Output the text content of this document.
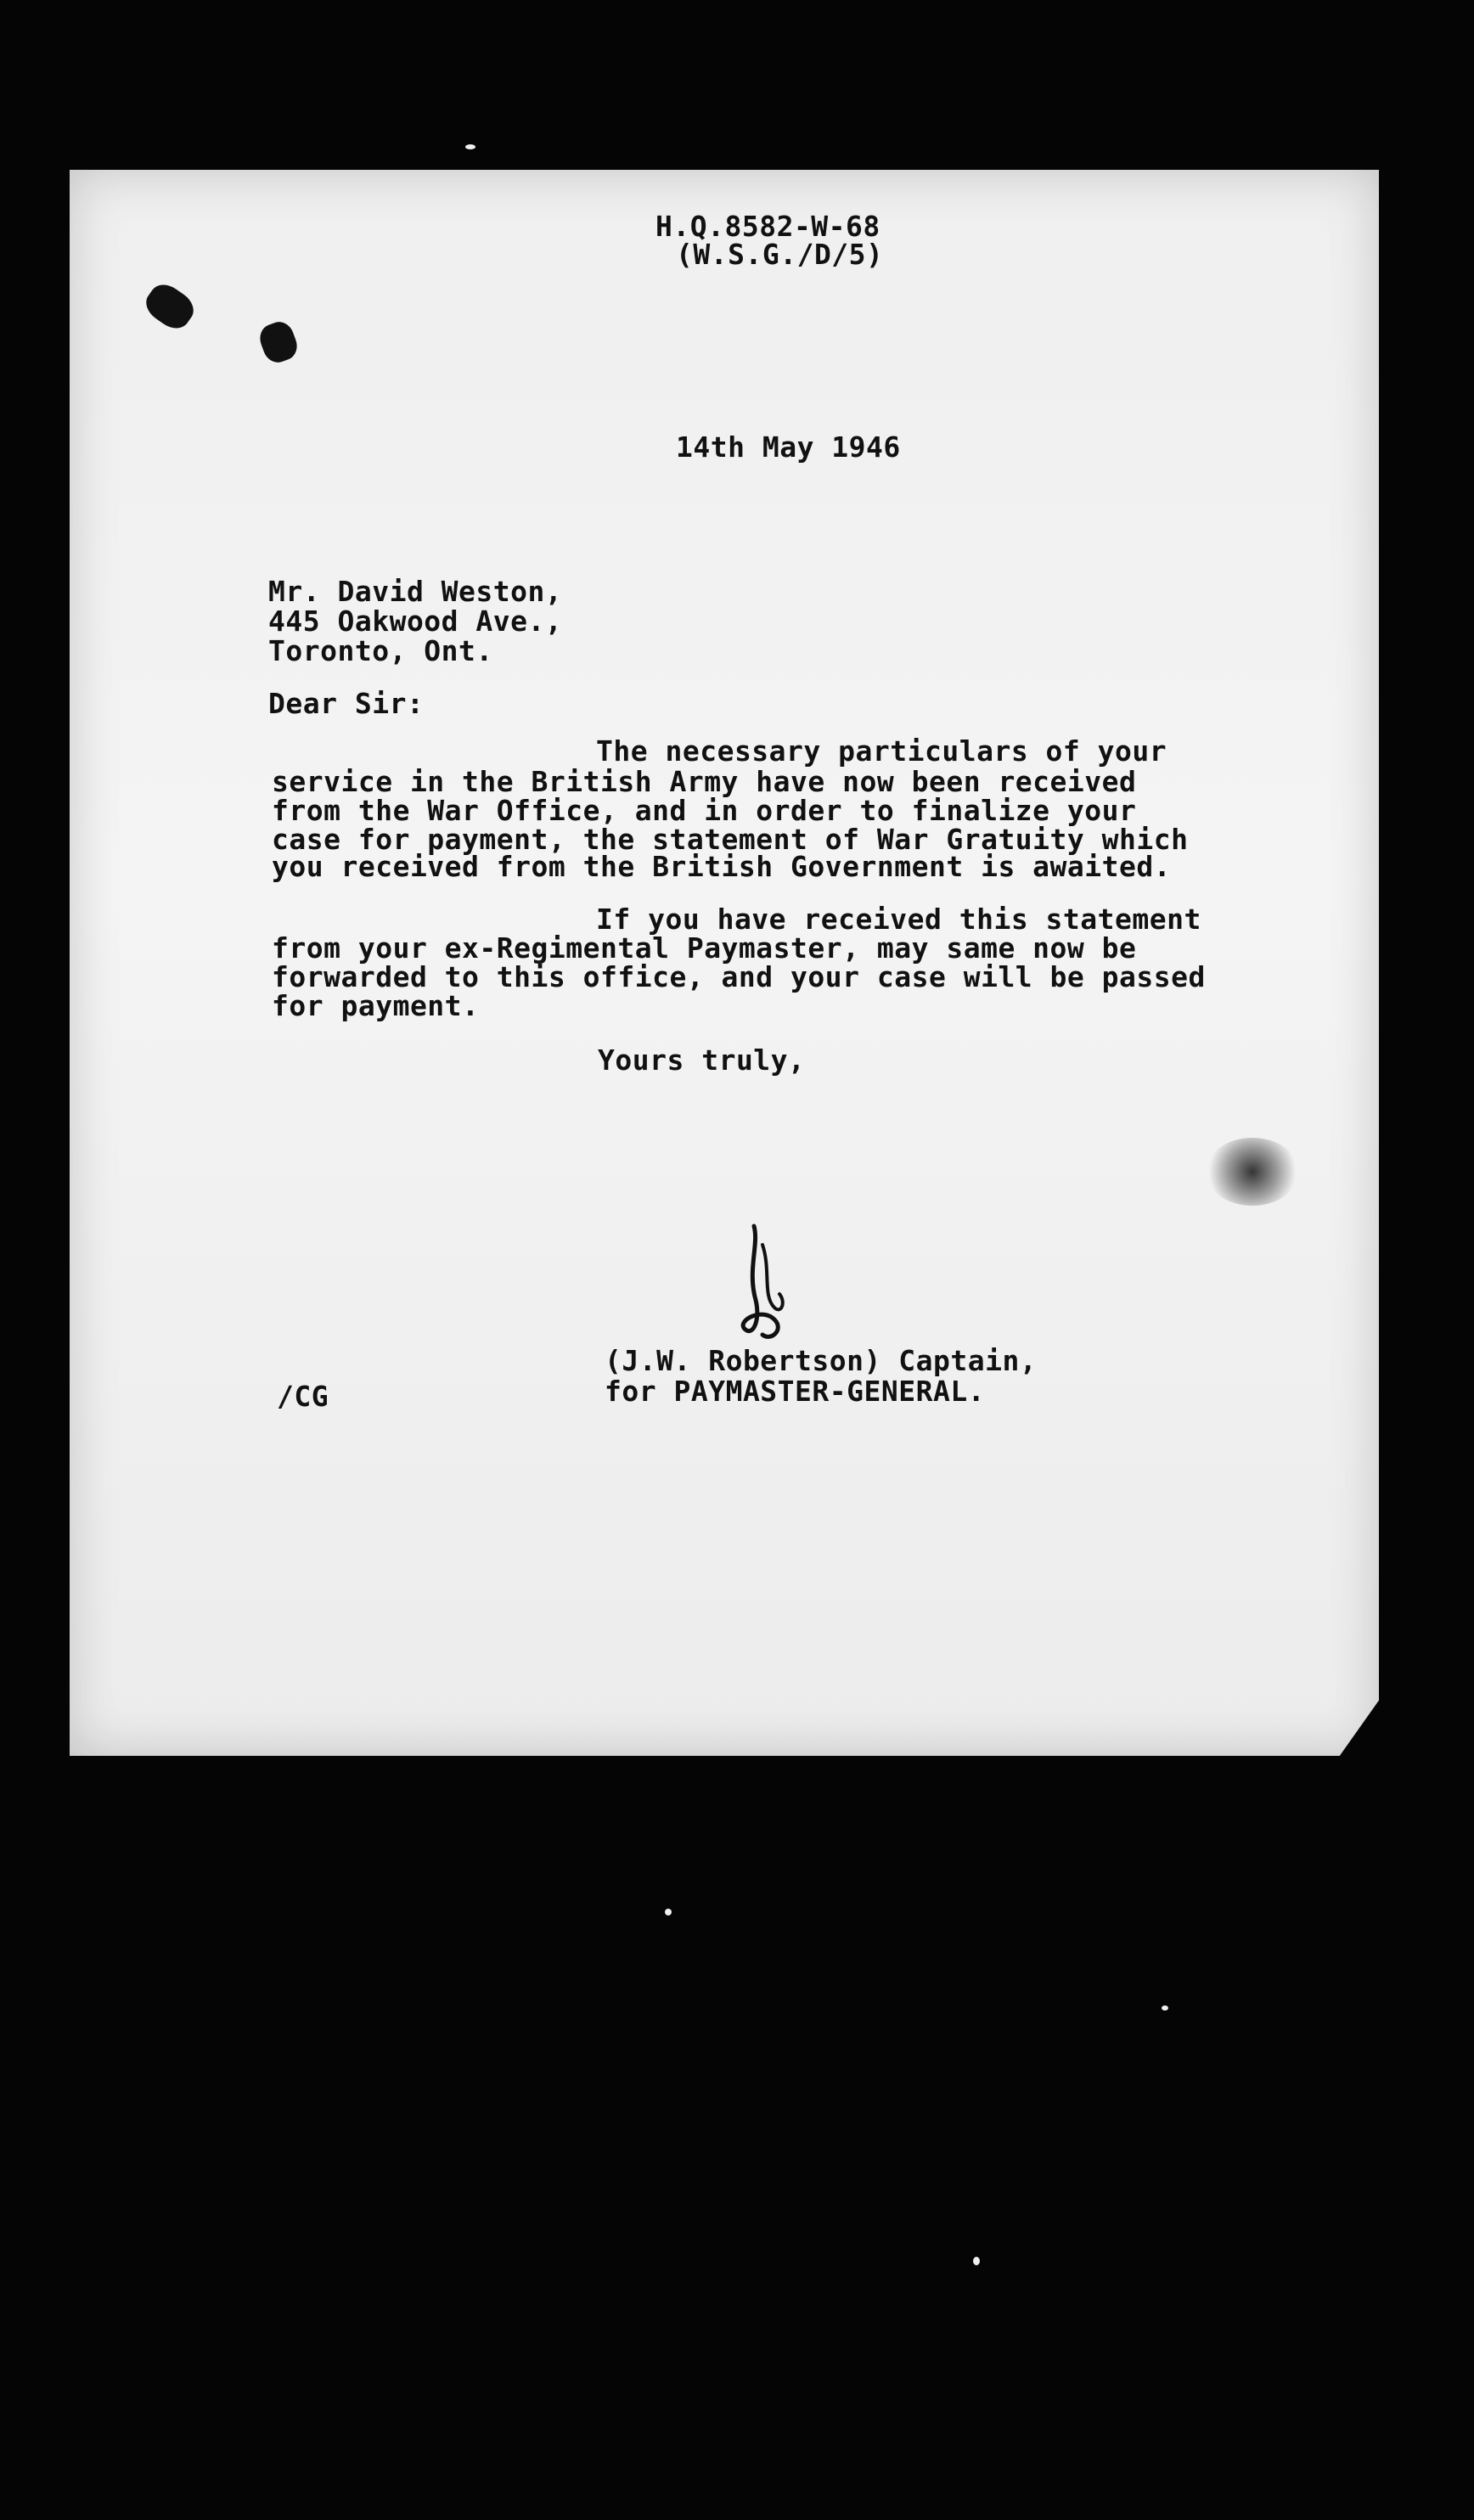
H.Q.8582-W-68
(W.S.G./D/5)
14th May 1946
Mr. David Weston,
445 Oakwood Ave.,
Toronto, Ont.
Dear Sir:
The necessary particulars of your
service in the British Army have now been received
from the War Office, and in order to finalize your
case for payment, the statement of War Gratuity which
you received from the British Government is awaited.
If you have received this statement
from your ex-Regimental Paymaster, may same now be
forwarded to this office, and your case will be passed
for payment.
Yours truly,
(J.W. Robertson) Captain,
for PAYMASTER-GENERAL.
/CG
